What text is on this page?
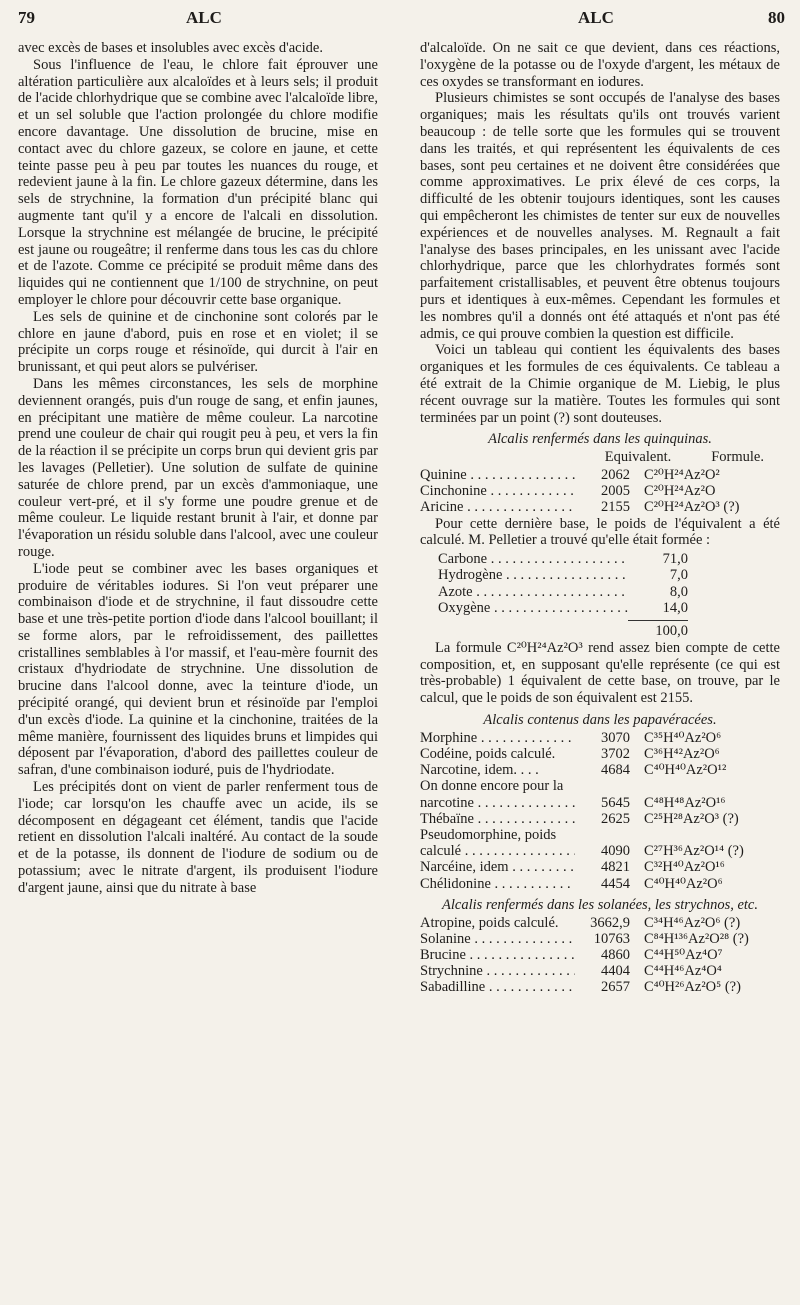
79	ALC	ALC	80

avec excès de bases et insolubles avec excès d'acide.

Sous l'influence de l'eau, le chlore fait éprouver une altération particulière aux alcaloïdes et à leurs sels; il produit de l'acide chlorhydrique que se combine avec l'alcaloïde libre, et un sel soluble que l'action prolongée du chlore modifie encore davantage. Une dissolution de brucine, mise en contact avec du chlore gazeux, se colore en jaune, et cette teinte passe peu à peu par toutes les nuances du rouge, et redevient jaune à la fin. Le chlore gazeux détermine, dans les sels de strychnine, la formation d'un précipité blanc qui augmente tant qu'il y a encore de l'alcali en dissolution. Lorsque la strychnine est mélangée de brucine, le précipité est jaune ou rougeâtre; il renferme dans tous les cas du chlore et de l'azote. Comme ce précipité se produit même dans des liquides qui ne contiennent que 1/100 de strychnine, on peut employer le chlore pour découvrir cette base organique.

Les sels de quinine et de cinchonine sont colorés par le chlore en jaune d'abord, puis en rose et en violet; il se précipite un corps rouge et résinoïde, qui durcit à l'air en brunissant, et qui peut alors se pulvériser.

Dans les mêmes circonstances, les sels de morphine deviennent orangés, puis d'un rouge de sang, et enfin jaunes, en précipitant une matière de même couleur. La narcotine prend une couleur de chair qui rougit peu à peu, et vers la fin de la réaction il se précipite un corps brun qui devient gris par les lavages (Pelletier). Une solution de sulfate de quinine saturée de chlore prend, par un excès d'ammoniaque, une couleur vert-pré, et il s'y forme une poudre grenue et de même couleur. Le liquide restant brunit à l'air, et donne par l'évaporation un résidu soluble dans l'alcool, avec une couleur rouge.

L'iode peut se combiner avec les bases organiques et produire de véritables iodures. Si l'on veut préparer une combinaison d'iode et de strychnine, il faut dissoudre cette base et une très-petite portion d'iode dans l'alcool bouillant; il se forme alors, par le refroidissement, des paillettes cristallines semblables à l'or massif, et l'eau-mère fournit des cristaux d'hydriodate de strychnine. Une dissolution de brucine dans l'alcool donne, avec la teinture d'iode, un précipité orangé, qui devient brun et résinoïde par l'emploi d'un excès d'iode. La quinine et la cinchonine, traitées de la même manière, fournissent des liquides bruns et limpides qui déposent par l'évaporation, d'abord des paillettes couleur de safran, d'une combinaison ioduré, puis de l'hydriodate.

Les précipités dont on vient de parler renferment tous de l'iode; car lorsqu'on les chauffe avec un acide, ils se décomposent en dégageant cet élément, tandis que l'acide retient en dissolution l'alcali inaltéré. Au contact de la soude et de la potasse, ils donnent de l'iodure de sodium ou de potassium; avec le nitrate d'argent, ils produisent l'iodure d'argent jaune, ainsi que du nitrate à base

d'alcaloïde. On ne sait ce que devient, dans ces réactions, l'oxygène de la potasse ou de l'oxyde d'argent, les métaux de ces oxydes se transformant en iodures.

Plusieurs chimistes se sont occupés de l'analyse des bases organiques; mais les résultats qu'ils ont trouvés varient beaucoup : de telle sorte que les formules qui se trouvent dans les traités, et qui représentent les équivalents de ces bases, sont peu certaines et ne doivent être considérées que comme approximatives. Le prix élevé de ces corps, la difficulté de les obtenir toujours identiques, sont les causes qui empêcheront les chimistes de tenter sur eux de nouvelles expériences et de nouvelles analyses. M. Regnault a fait l'analyse des bases principales, en les unissant avec l'acide chlorhydrique, parce que les chlorhydrates formés sont parfaitement cristallisables, et peuvent être obtenus toujours purs et identiques à eux-mêmes. Cependant les formules et les nombres qu'il a donnés ont été attaqués et n'ont pas été admis, ce qui prouve combien la question est difficile.

Voici un tableau qui contient les équivalents des bases organiques et les formules de ces équivalents. Ce tableau a été extrait de la Chimie organique de M. Liebig, le plus récent ouvrage sur la matière. Toutes les formules qui sont terminées par un point (?) sont douteuses.

Alcalis renfermés dans les quinquinas.
Equivalent.	Formule.
Quinine . . .	2062 C²⁰H²⁴Az²O²
Cinchonine . . .	2005 C²⁰H²⁴Az²O
Aricine . . .	2155 C²⁰H²⁴Az²O³ (?)

Pour cette dernière base, le poids de l'équivalent a été calculé. M. Pelletier a trouvé qu'elle était formée :

Carbone . . .	71,0
Hydrogène . . .	7,0
Azote . . .	8,0
Oxygène . . .	14,0
100,0

La formule C²⁰H²⁴Az²O³ rend assez bien compte de cette composition, et, en supposant qu'elle représente (ce qui est très-probable) 1 équivalent de cette base, on trouve, par le calcul, que le poids de son équivalent est 2155.

Alcalis contenus dans les papavéracées.
Morphine . . .	3070 C³⁵H⁴⁰Az²O⁶
Codéine, poids calculé.	3702 C³⁶H⁴²Az²O⁶
Narcotine, idem. . . .	4684 C⁴⁰H⁴⁰Az²O¹²
On donne encore pour la
narcotine . . .	5645 C⁴⁸H⁴⁸Az²O¹⁶
Thébaïne . . .	2625 C²⁵H²⁸Az²O³ (?)
Pseudomorphine, poids
calculé . . .	4090 C²⁷H³⁶Az²O¹⁴ (?)
Narcéine, idem . . .	4821 C³²H⁴⁰Az²O¹⁶
Chélidonine . . .	4454 C⁴⁰H⁴⁰Az²O⁶
Alcalis renfermés dans les solanées, les strychnos, etc.
Atropine, poids calculé.	3662,9 C³⁴H⁴⁶Az²O⁶ (?)
Solanine . . .	10763 C⁸⁴H¹³⁶Az²O²⁸ (?)
Brucine . . .	4860 C⁴⁴H⁵⁰Az⁴O⁷
Strychnine . . .	4404 C⁴⁴H⁴⁶Az⁴O⁴
Sabadilline . . .	2657 C⁴⁰H²⁶Az²O⁵ (?)
